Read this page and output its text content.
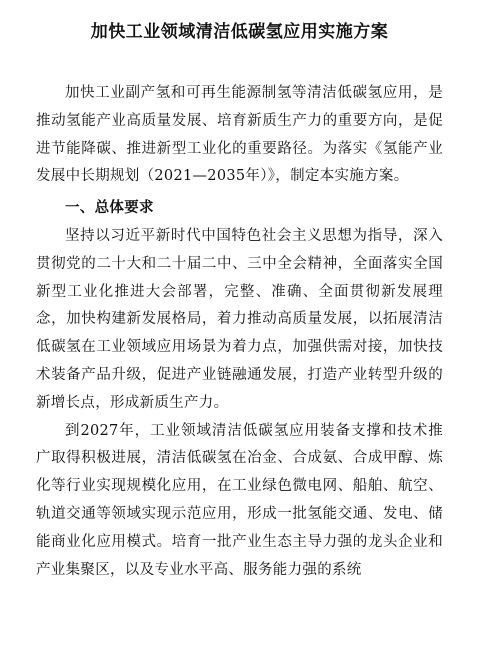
加快工业领域清洁低碳氢应用实施方案

加快工业副产氢和可再生能源制氢等清洁低碳氢应用，是推动氢能产业高质量发展、培育新质生产力的重要方向，是促进节能降碳、推进新型工业化的重要路径。为落实《氢能产业发展中长期规划（2021—2035年）》，制定本实施方案。

一、总体要求

坚持以习近平新时代中国特色社会主义思想为指导，深入贯彻党的二十大和二十届二中、三中全会精神，全面落实全国新型工业化推进大会部署，完整、准确、全面贯彻新发展理念，加快构建新发展格局，着力推动高质量发展，以拓展清洁低碳氢在工业领域应用场景为着力点，加强供需对接，加快技术装备产品升级，促进产业链融通发展，打造产业转型升级的新增长点，形成新质生产力。

到2027年，工业领域清洁低碳氢应用装备支撑和技术推广取得积极进展，清洁低碳氢在冶金、合成氨、合成甲醇、炼化等行业实现规模化应用，在工业绿色微电网、船舶、航空、轨道交通等领域实现示范应用，形成一批氢能交通、发电、储能商业化应用模式。培育一批产业生态主导力强的龙头企业和产业集聚区，以及专业水平高、服务能力强的系统
